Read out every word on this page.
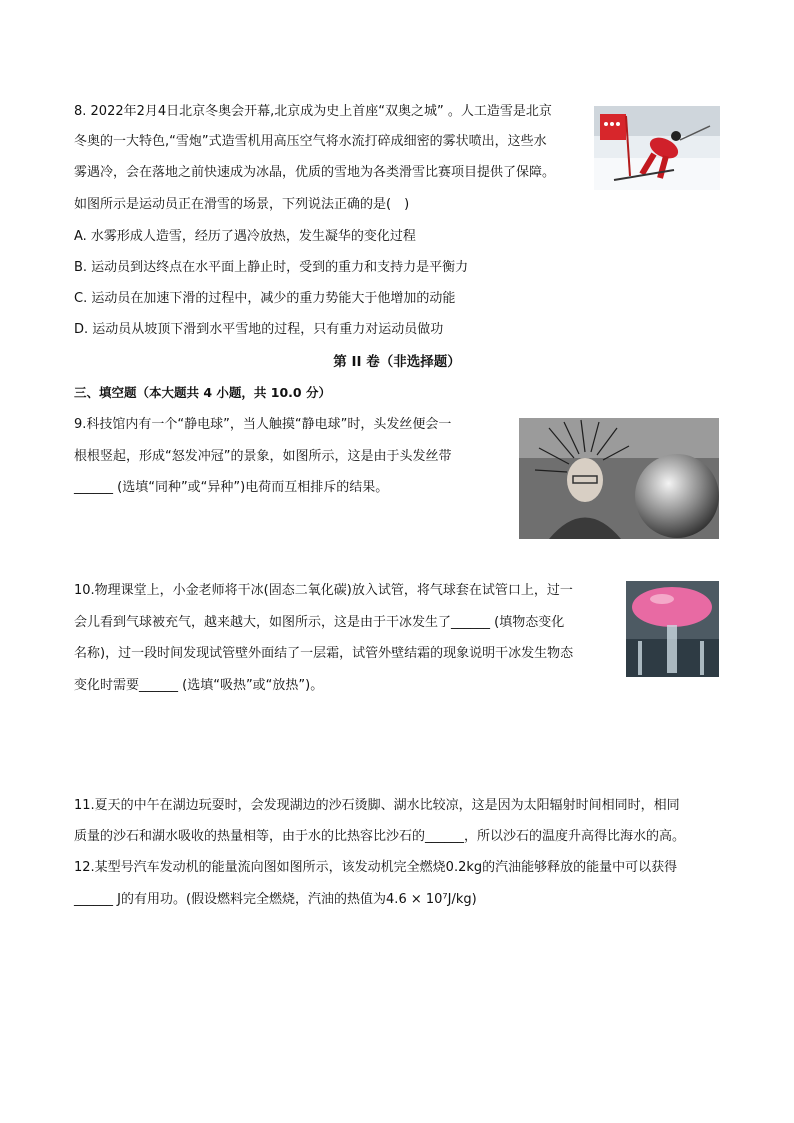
8. 2022年2月4日北京冬奥会开幕,北京成为史上首座“双奥之城” 。人工造雪是北京
冬奥的一大特色,“雪炮”式造雪机用高压空气将水流打碎成细密的雾状喷出，这些水
雾遇冷，会在落地之前快速成为冰晶，优质的雪地为各类滑雪比赛项目提供了保障。
如图所示是运动员正在滑雪的场景，下列说法正确的是(　)
A. 水雾形成人造雪，经历了遇冷放热，发生凝华的变化过程
B. 运动员到达终点在水平面上静止时，受到的重力和支持力是平衡力
C. 运动员在加速下滑的过程中，减少的重力势能大于他增加的动能
D. 运动员从坡顶下滑到水平雪地的过程，只有重力对运动员做功
第 II 卷（非选择题）
三、填空题（本大题共 4 小题，共 10.0 分）
9.科技馆内有一个“静电球”，当人触摸“静电球”时，头发丝便会一
根根竖起，形成“怒发冲冠”的景象，如图所示，这是由于头发丝带
______ (选填“同种”或“异种”)电荷而互相排斥的结果。
10.物理课堂上，小金老师将干冰(固态二氧化碳)放入试管，将气球套在试管口上，过一
会儿看到气球被充气，越来越大，如图所示，这是由于干冰发生了______ (填物态变化
名称)，过一段时间发现试管壁外面结了一层霜，试管外壁结霜的现象说明干冰发生物态
变化时需要______ (选填“吸热”或“放热”)。
11.夏天的中午在湖边玩耍时，会发现湖边的沙石烫脚、湖水比较凉，这是因为太阳辐射时间相同时，相同
质量的沙石和湖水吸收的热量相等，由于水的比热容比沙石的______，所以沙石的温度升高得比海水的高。
12.某型号汽车发动机的能量流向图如图所示，该发动机完全燃烧0.2kg的汽油能够释放的能量中可以获得
______ J的有用功。(假设燃料完全燃烧，汽油的热值为4.6 × 10⁷J/kg)
